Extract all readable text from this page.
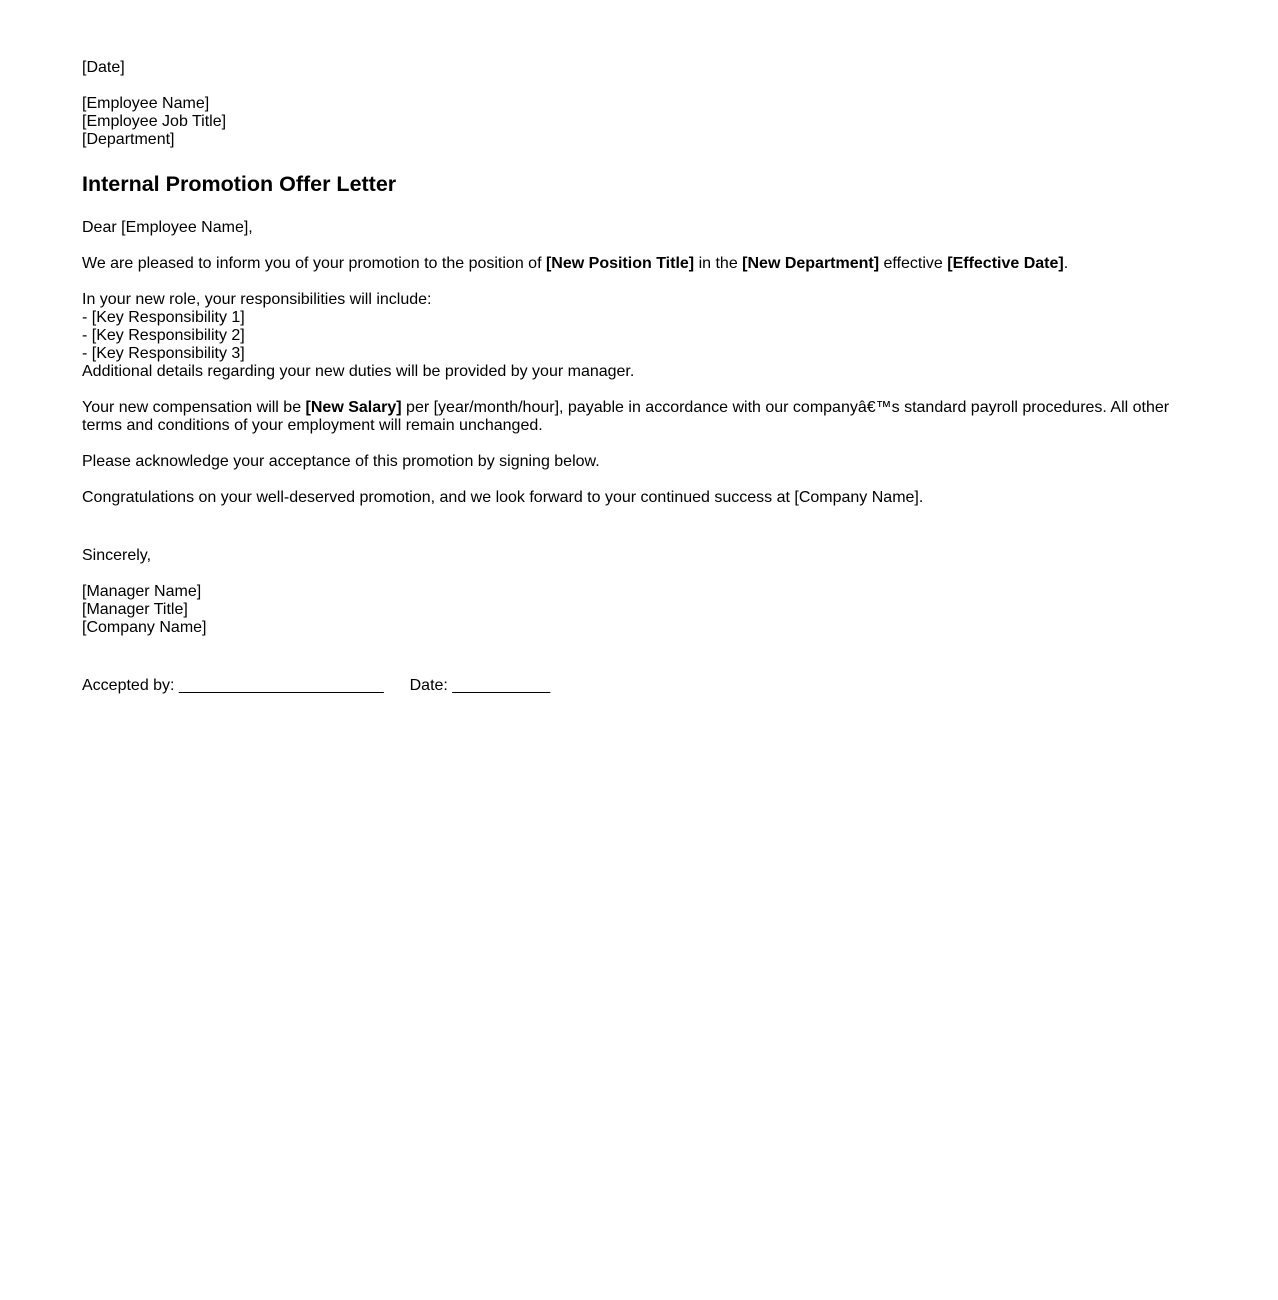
[Date]
[Employee Name]
[Employee Job Title]
[Department]
Internal Promotion Offer Letter

Dear [Employee Name],

We are pleased to inform you of your promotion to the position of [New Position Title] in the [New Department] effective [Effective Date].

In your new role, your responsibilities will include:
- [Key Responsibility 1]
- [Key Responsibility 2]
- [Key Responsibility 3]
Additional details regarding your new duties will be provided by your manager.

Your new compensation will be [New Salary] per [year/month/hour], payable in accordance with our companyâ€™s standard payroll procedures. All other terms and conditions of your employment will remain unchanged.

Please acknowledge your acceptance of this promotion by signing below.

Congratulations on your well-deserved promotion, and we look forward to your continued success at [Company Name].

Sincerely,

[Manager Name]
[Manager Title]
[Company Name]
Accepted by: _______________________ Date: ___________
